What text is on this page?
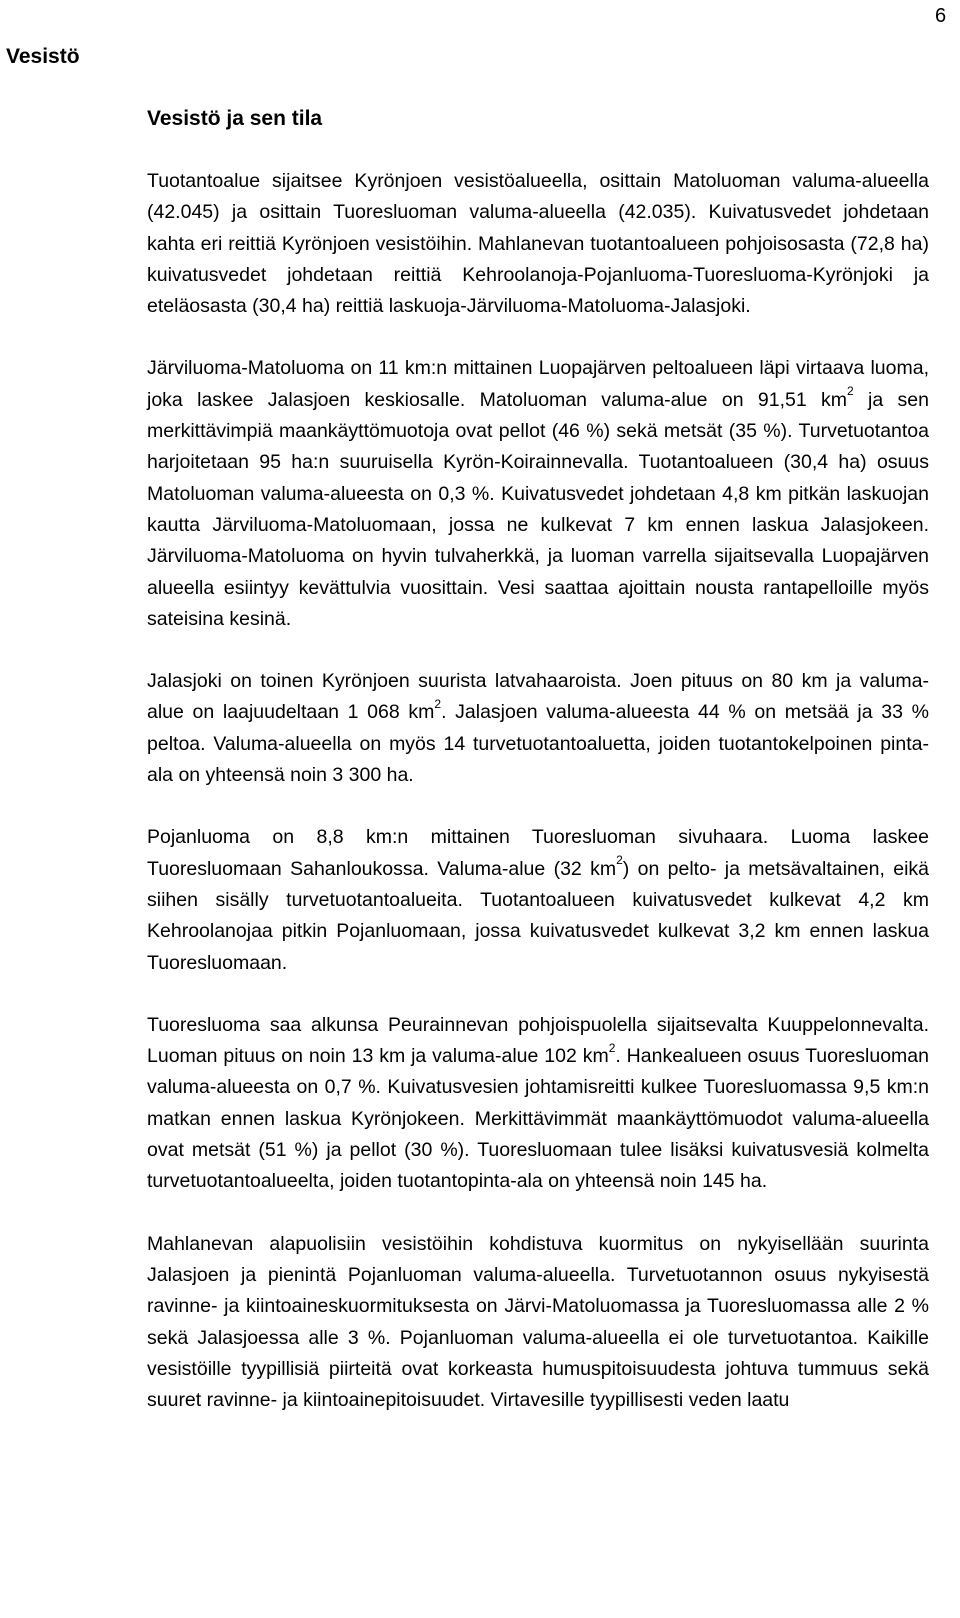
6
Vesistö
Vesistö ja sen tila

Tuotantoalue sijaitsee Kyrönjoen vesistöalueella, osittain Matoluoman valuma-alueella (42.045) ja osittain Tuoresluoman valuma-alueella (42.035). Kuivatusvedet johdetaan kahta eri reittiä Kyrönjoen vesistöihin. Mahlanevan tuotantoalueen pohjoisosasta (72,8 ha) kuivatusvedet johdetaan reittiä Kehroolanoja-Pojanluoma-Tuoresluoma-Kyrönjoki ja eteläosasta (30,4 ha) reittiä laskuoja-Järviluoma-Matoluoma-Jalasjoki.

Järviluoma-Matoluoma on 11 km:n mittainen Luopajärven peltoalueen läpi virtaava luoma, joka laskee Jalasjoen keskiosalle. Matoluoman valuma-alue on 91,51 $km^2$ ja sen merkittävimpiä maankäyttömuotoja ovat pellot (46 %) sekä metsät (35 %). Turvetuotantoa harjoitetaan 95 ha:n suuruisella Kyrön-Koirainnevalla. Tuotantoalueen (30,4 ha) osuus Matoluoman valuma-alueesta on 0,3 %. Kuivatusvedet johdetaan 4,8 km pitkän laskuojan kautta Järviluoma-Matoluomaan, jossa ne kulkevat 7 km ennen laskua Jalasjokeen. Järviluoma-Matoluoma on hyvin tulvaherkkä, ja luoman varrella sijaitsevalla Luopajärven alueella esiintyy kevättulvia vuosittain. Vesi saattaa ajoittain nousta rantapelloille myös sateisina kesinä.

Jalasjoki on toinen Kyrönjoen suurista latvahaaroista. Joen pituus on 80 km ja valuma-alue on laajuudeltaan 1 068 $km^2$. Jalasjoen valuma-alueesta 44 % on metsää ja 33 % peltoa. Valuma-alueella on myös 14 turvetuotantoaluetta, joiden tuotantokelpoinen pinta-ala on yhteensä noin 3 300 ha.

Pojanluoma on 8,8 km:n mittainen Tuoresluoman sivuhaara. Luoma laskee Tuoresluomaan Sahanloukossa. Valuma-alue (32 $km^2$) on pelto- ja metsävaltainen, eikä siihen sisälly turvetuotantoalueita. Tuotantoalueen kuivatusvedet kulkevat 4,2 km Kehroolanojaa pitkin Pojanluomaan, jossa kuivatusvedet kulkevat 3,2 km ennen laskua Tuoresluomaan.

Tuoresluoma saa alkunsa Peurainnevan pohjoispuolella sijaitsevalta Kuuppelonnevalta. Luoman pituus on noin 13 km ja valuma-alue 102 $km^2$. Hankealueen osuus Tuoresluoman valuma-alueesta on 0,7 %. Kuivatusvesien johtamisreitti kulkee Tuoresluomassa 9,5 km:n matkan ennen laskua Kyrönjokeen. Merkittävimmät maankäyttömuodot valuma-alueella ovat metsät (51 %) ja pellot (30 %). Tuoresluomaan tulee lisäksi kuivatusvesiä kolmelta turvetuotantoalueelta, joiden tuotantopinta-ala on yhteensä noin 145 ha.

Mahlanevan alapuolisiin vesistöihin kohdistuva kuormitus on nykyisellään suurinta Jalasjoen ja pienintä Pojanluoman valuma-alueella. Turvetuotannon osuus nykyisestä ravinne- ja kiintoaineskuormituksesta on Järvi-Matoluomassa ja Tuoresluomassa alle 2 % sekä Jalasjoessa alle 3 %. Pojanluoman valuma-alueella ei ole turvetuotantoa. Kaikille vesistöille tyypillisiä piirteitä ovat korkeasta humuspitoisuudesta johtuva tummuus sekä suuret ravinne- ja kiintoainepitoisuudet. Virtavesille tyypillisesti veden laatu
